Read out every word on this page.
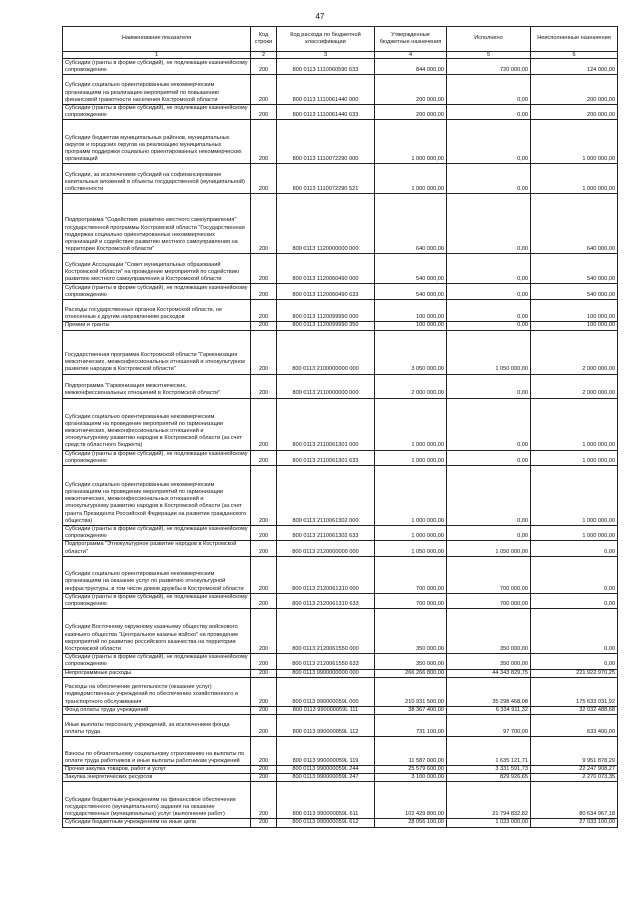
47
Наименование показателя	Код строки	Код расхода по бюджетной классификации	Утвержденные бюджетные назначения	Исполнено	Неисполненные назначения
1	2	3	4	5	6
Субсидии (гранты в форме субсидий), не подлежащие казначейскому сопровождению	200	800 0113 1110060590 633	844 000,00	720 000,00	124 000,00
Субсидии социально ориентированным некоммерческим организациям на реализацию мероприятий по повышению финансовой грамотности населения Костромской области	200	800 0113 1110061440 000	200 000,00	0,00	200 000,00
Субсидии (гранты в форме субсидий), не подлежащие казначейскому сопровождению	200	800 0113 1110061440 633	200 000,00	0,00	200 000,00
Субсидии бюджетам муниципальных районов, муниципальных округов и городских округов на реализацию муниципальных программ поддержки социально ориентированных некоммерческих организаций	200	800 0113 1110072290 000	1 000 000,00	0,00	1 000 000,00
Субсидии, за исключением субсидий на софинансирование капитальных вложений в объекты государственной (муниципальной) собственности	200	800 0113 1110072290 521	1 000 000,00	0,00	1 000 000,00
Подпрограмма "Содействие развитию местного самоуправления" государственной программы Костромской области "Государственная поддержка социально ориентированных некоммерческих организаций и содействие развитию местного самоуправления на территории Костромской области"	200	800 0113 1120000000 000	640 000,00	0,00	640 000,00
Субсидии Ассоциации "Совет муниципальных образований Костромской области" на проведение мероприятий по содействию развитию местного самоуправления в Костромской области	200	800 0113 1120060490 000	540 000,00	0,00	540 000,00
Субсидии (гранты в форме субсидий), не подлежащие казначейскому сопровождению	200	800 0113 1120060490 633	540 000,00	0,00	540 000,00
Расходы государственных органов Костромской области, не отнесенные к другим направлениям расходов	200	800 0113 1120099990 000	100 000,00	0,00	100 000,00
Премии и гранты	200	800 0113 1120099990 350	100 000,00	0,00	100 000,00
Государственная программа Костромской области "Гармонизация межэтнических, межконфессиональных отношений и этнокультурное развитие народов в Костромской области"	200	800 0113 2100000000 000	3 050 000,00	1 050 000,00	2 000 000,00
Подпрограмма "Гармонизация межэтнических, межконфессиональных отношений в Костромской области"	200	800 0113 2110000000 000	2 000 000,00	0,00	2 000 000,00
Субсидии социально ориентированным некоммерческим организациям на проведение мероприятий по гармонизации межэтнических, межконфессиональных отношений и этнокультурному развитию народов в Костромской области (за счет средств областного бюджета)	200	800 0113 2110061301 000	1 000 000,00	0,00	1 000 000,00
Субсидии (гранты в форме субсидий), не подлежащие казначейскому сопровождению	200	800 0113 2110061301 633	1 000 000,00	0,00	1 000 000,00
Субсидии социально ориентированным некоммерческим организациям на проведение мероприятий по гармонизации межэтнических, межконфессиональных отношений и этнокультурному развитию народов в Костромской области (за счет гранта Президента Российской Федерации на развитие гражданского общества)	200	800 0113 2110061302 000	1 000 000,00	0,00	1 000 000,00
Субсидии (гранты в форме субсидий), не подлежащие казначейскому сопровождению	200	800 0113 2110061302 633	1 000 000,00	0,00	1 000 000,00
Подпрограмма "Этнокультурное развитие народов в Костромской области"	200	800 0113 2120000000 000	1 050 000,00	1 050 000,00	0,00
Субсидии социально ориентированным некоммерческим организациям на оказание услуг по развитию этнокультурной инфраструктуры, в том числе домов дружбы в Костромской области	200	800 0113 2120061310 000	700 000,00	700 000,00	0,00
Субсидии (гранты в форме субсидий), не подлежащие казначейскому сопровождению	200	800 0113 2120061310 633	700 000,00	700 000,00	0,00
Субсидии Восточному окружному казачьему обществу войскового казачьего общества "Центральное казачье войско" на проведение мероприятий по развитию российского казачества на территории Костромской области	200	800 0113 2120061550 000	350 000,00	350 000,00	0,00
Субсидии (гранты в форме субсидий), не подлежащие казначейскому сопровождению	200	800 0113 2120061550 633	350 000,00	350 000,00	0,00
Непрограммные расходы	200	800 0113 9900000000 000	266 266 800,00	44 343 829,75	221 922 970,25
Расходы на обеспечение деятельности (оказание услуг) подведомственных учреждений по обеспечению хозяйственного и транспортного обслуживания	200	800 0113 990000059L 000	210 931 500,00	35 298 468,08	175 633 031,92
Фонд оплаты труда учреждений	200	800 0113 990000059L 111	38 367 400,00	6 334 911,32	32 032 488,68
Иные выплаты персоналу учреждений, за исключением фонда оплаты труда	200	800 0113 990000059L 112	731 100,00	97 700,00	633 400,00
Взносы по обязательному социальному страхованию на выплаты по оплате труда работников и иные выплаты работникам учреждений	200	800 0113 990000059L 119	11 587 000,00	1 635 121,71	9 951 878,29
Прочая закупка товаров, работ и услуг	200	800 0113 990000059L 244	25 579 600,00	3 331 591,73	22 247 908,27
Закупка энергетических ресурсов	200	800 0113 990000059L 247	3 100 000,00	829 926,65	2 270 073,35
Субсидии бюджетным учреждениям на финансовое обеспечение государственного (муниципального) задания на оказание государственных (муниципальных) услуг (выполнение работ)	200	800 0113 990000059L 611	102 429 800,00	21 794 832,82	80 634 967,18
Субсидии бюджетным учреждениям на иные цели	200	800 0113 990000059L 612	28 056 100,00	1 023 000,00	27 033 100,00
